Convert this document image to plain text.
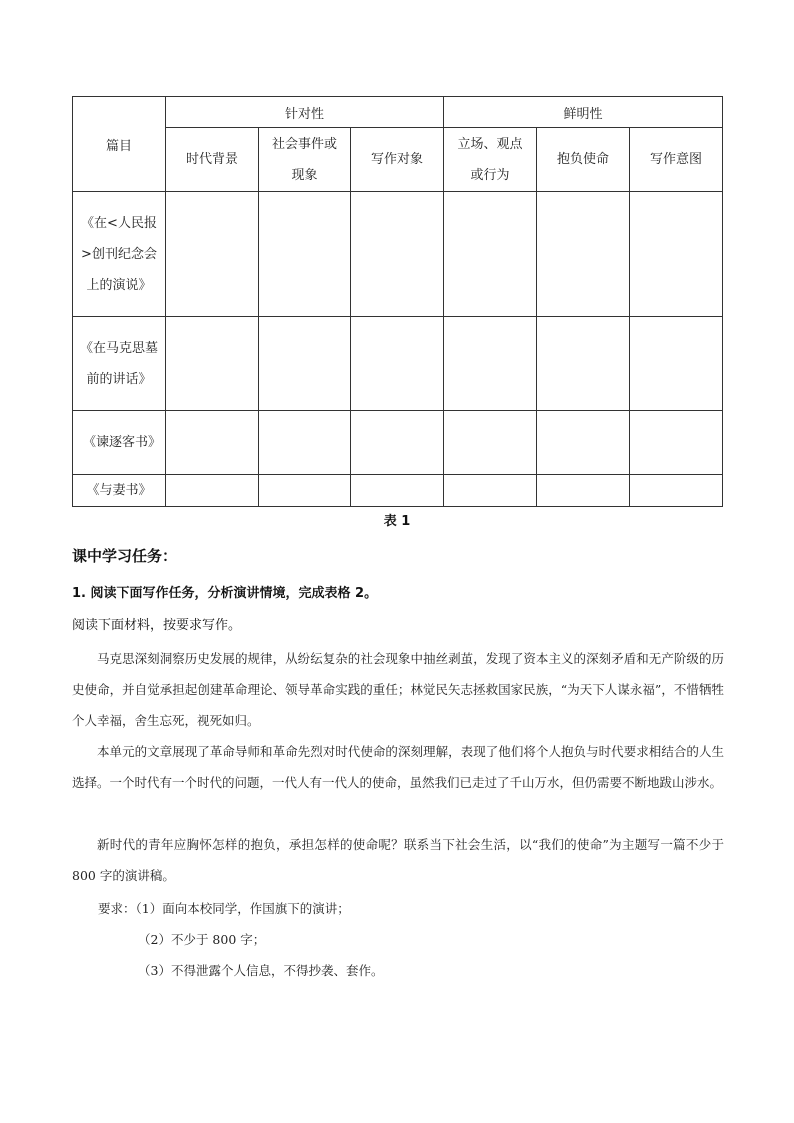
篇目	针对性			鲜明性		
	时代背景	社会事件或现象	写作对象	立场、观点或行为	抱负使命	写作意图
《在<人民报>创刊纪念会上的演说》						
《在马克思墓前的讲话》						
《谏逐客书》						
《与妻书》						
表 1
课中学习任务：
1. 阅读下面写作任务，分析演讲情境，完成表格 2。
阅读下面材料，按要求写作。

马克思深刻洞察历史发展的规律，从纷纭复杂的社会现象中抽丝剥茧，发现了资本主义的深刻矛盾和无产阶级的历史使命，并自觉承担起创建革命理论、领导革命实践的重任；林觉民矢志拯救国家民族，“为天下人谋永福”，不惜牺牲个人幸福，舍生忘死，视死如归。

本单元的文章展现了革命导师和革命先烈对时代使命的深刻理解，表现了他们将个人抱负与时代要求相结合的人生选择。一个时代有一个时代的问题，一代人有一代人的使命，虽然我们已走过了千山万水，但仍需要不断地跋山涉水。

新时代的青年应胸怀怎样的抱负，承担怎样的使命呢？联系当下社会生活，以“我们的使命”为主题写一篇不少于 800 字的演讲稿。

要求：（1）面向本校同学，作国旗下的演讲；
（2）不少于 800 字；
（3）不得泄露个人信息，不得抄袭、套作。
